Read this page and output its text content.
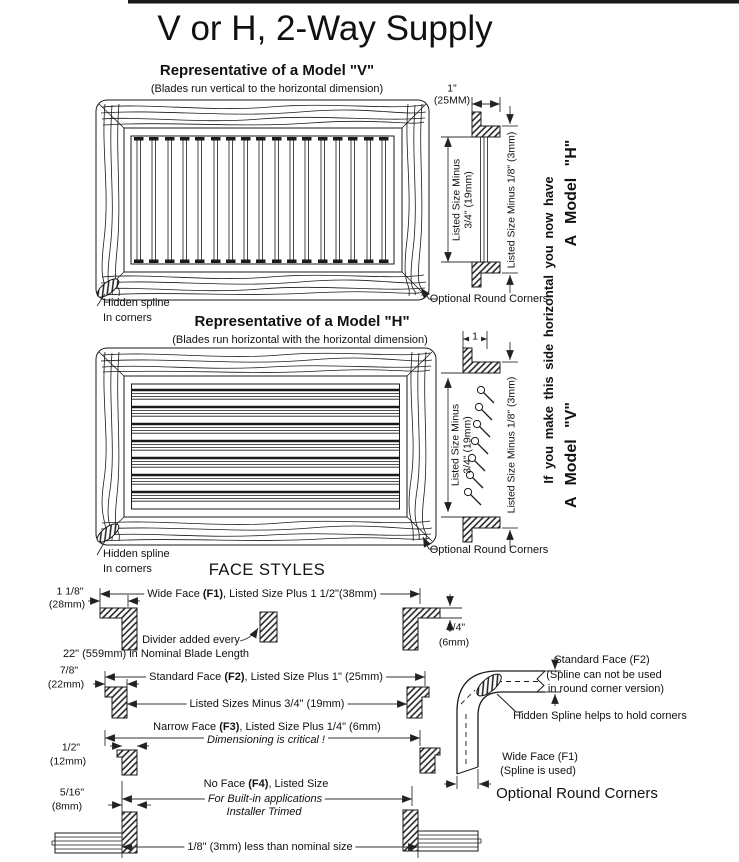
V or H, 2-Way Supply
Representative of a Model "V"
(Blades run vertical to the horizontal dimension)	1"
(25MM)
Listed Size Minus 3/4" (19mm)	Listed Size Minus 1/8" (3mm)
Optional Round Corners
Hidden spline
In corners	Representative of a Model "H"
(Blades run horizontal with the horizontal dimension)	1
Listed Size Minus 3/4" (19mm)	Listed Size Minus 1/8" (3mm)
Optional Round Corners
Hidden spline
In corners
If you make this side horizontal you now have A Model "H"
A Model "V"
FACE STYLES
Wide Face (F1), Listed Size Plus 1 1/2"(38mm)
1 1/8"
(28mm)
Divider added every
22" (559mm) in Nominal Blade Length
1/4"
(6mm)
Standard Face (F2), Listed Size Plus 1" (25mm)
7/8"
(22mm)
Listed Sizes Minus 3/4" (19mm)
Narrow Face (F3), Listed Size Plus 1/4" (6mm)
Dimensioning is critical !
1/2"
(12mm)
No Face (F4), Listed Size
For Built-in applications
Installer Trimed
5/16"
(8mm)
1/8" (3mm) less than nominal size
Standard Face (F2)
(Spline can not be used
in round corner version)
Hidden Spline helps to hold corners
Wide Face (F1)
(Spline is used)
Optional Round Corners
